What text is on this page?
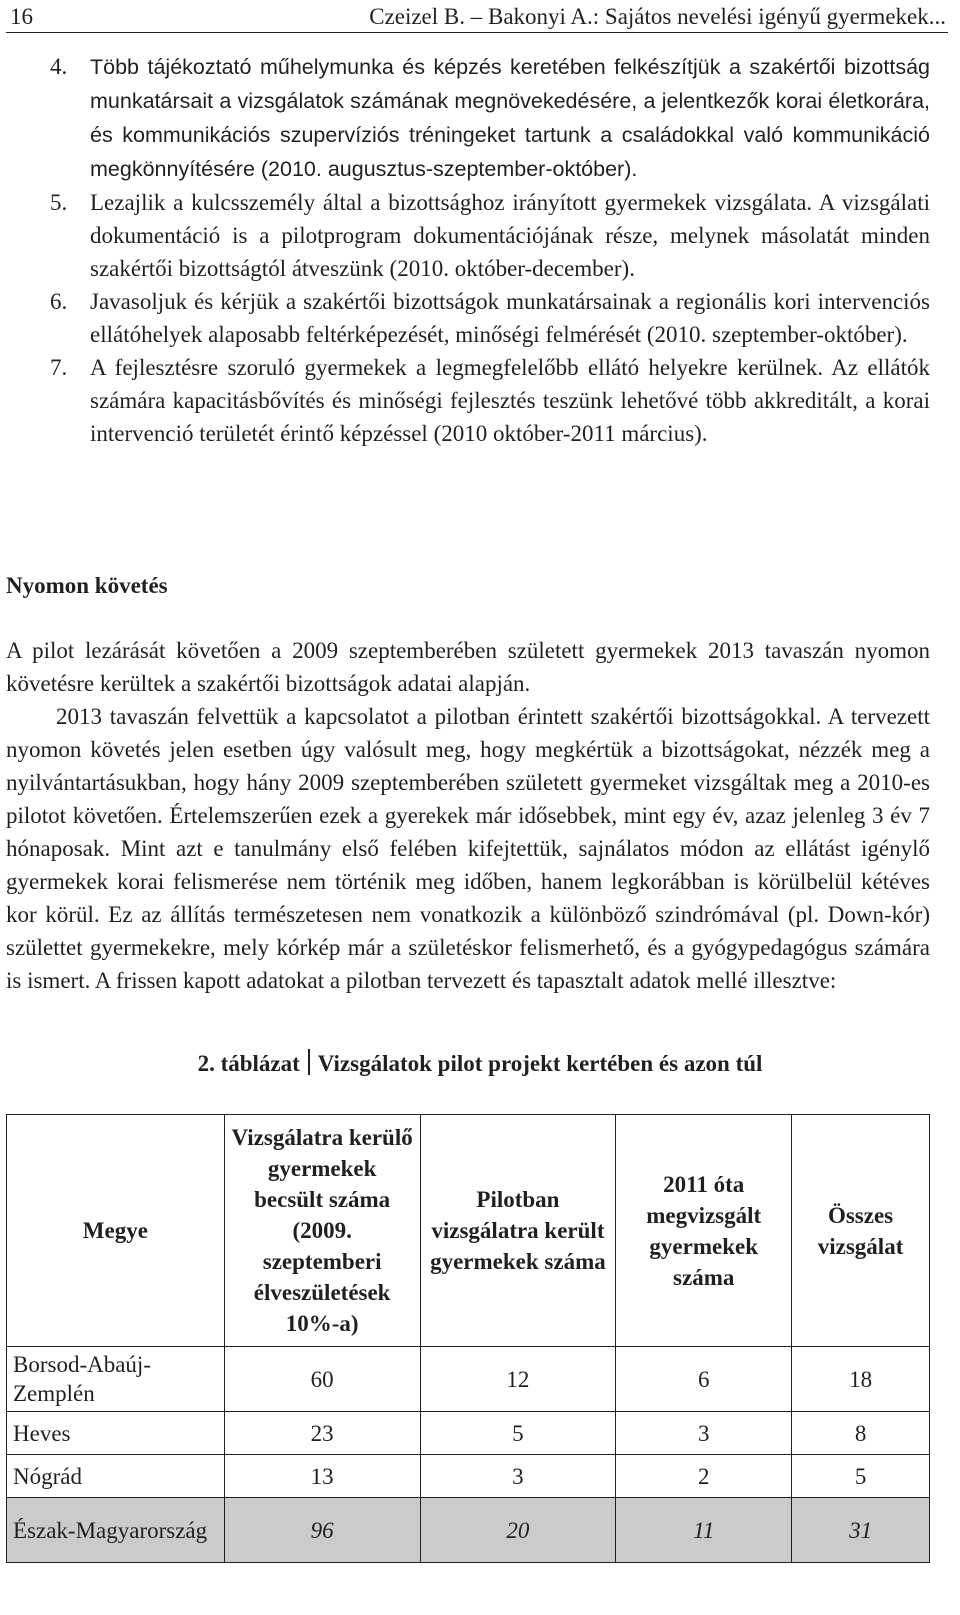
16	Czeizel B. – Bakonyi A.: Sajátos nevelési igényű gyermekek...
4. Több tájékoztató műhelymunka és képzés keretében felkészítjük a szakértői bizottság munkatársait a vizsgálatok számának megnövekedésére, a jelentkezők korai életkorára, és kommunikációs szupervíziós tréningeket tartunk a családokkal való kommunikáció megkönnyítésére (2010. augusztus-szeptember-október).
5. Lezajlik a kulcsszemély által a bizottsághoz irányított gyermekek vizsgálata. A vizsgálati dokumentáció is a pilotprogram dokumentációjának része, melynek másolatát minden szakértői bizottságtól átveszünk (2010. október-december).
6. Javasoljuk és kérjük a szakértői bizottságok munkatársainak a regionális kori intervenciós ellátóhelyek alaposabb feltérképezését, minőségi felmérését (2010. szeptember-október).
7. A fejlesztésre szoruló gyermekek a legmegfelelőbb ellátó helyekre kerülnek. Az ellátók számára kapacitásbővítés és minőségi fejlesztés teszünk lehetővé több akkreditált, a korai intervenció területét érintő képzéssel (2010 október-2011 március).
Nyomon követés

A pilot lezárását követően a 2009 szeptemberében született gyermekek 2013 tavaszán nyomon követésre kerültek a szakértői bizottságok adatai alapján.

2013 tavaszán felvettük a kapcsolatot a pilotban érintett szakértői bizottságokkal. A tervezett nyomon követés jelen esetben úgy valósult meg, hogy megkértük a bizottságokat, nézzék meg a nyilvántartásukban, hogy hány 2009 szeptemberében született gyermeket vizsgáltak meg a 2010-es pilotot követően. Értelemszerűen ezek a gyerekek már idősebbek, mint egy év, azaz jelenleg 3 év 7 hónaposak. Mint azt e tanulmány első felében kifejtettük, sajnálatos módon az ellátást igénylő gyermekek korai felismerése nem történik meg időben, hanem legkorábban is körülbelül kétéves kor körül. Ez az állítás természetesen nem vonatkozik a különböző szindrómával (pl. Down-kór) születtet gyermekekre, mely kórkép már a születéskor felismerhető, és a gyógypedagógus számára is ismert. A frissen kapott adatokat a pilotban tervezett és tapasztalt adatok mellé illesztve:

2. táblázat Vizsgálatok pilot projekt kertében és azon túl
Megye	Vizsgálatra kerülő gyermekek becsült száma (2009. szeptemberi élveszületések 10%-a)	Pilotban vizsgálatra került gyermekek száma	2011 óta megvizsgált gyermekek száma	Összes vizsgálat
Borsod-Abaúj-Zemplén	60	12	6	18
Heves	23	5	3	8
Nógrád	13	3	2	5
Észak-Magyarország	96	20	11	31
